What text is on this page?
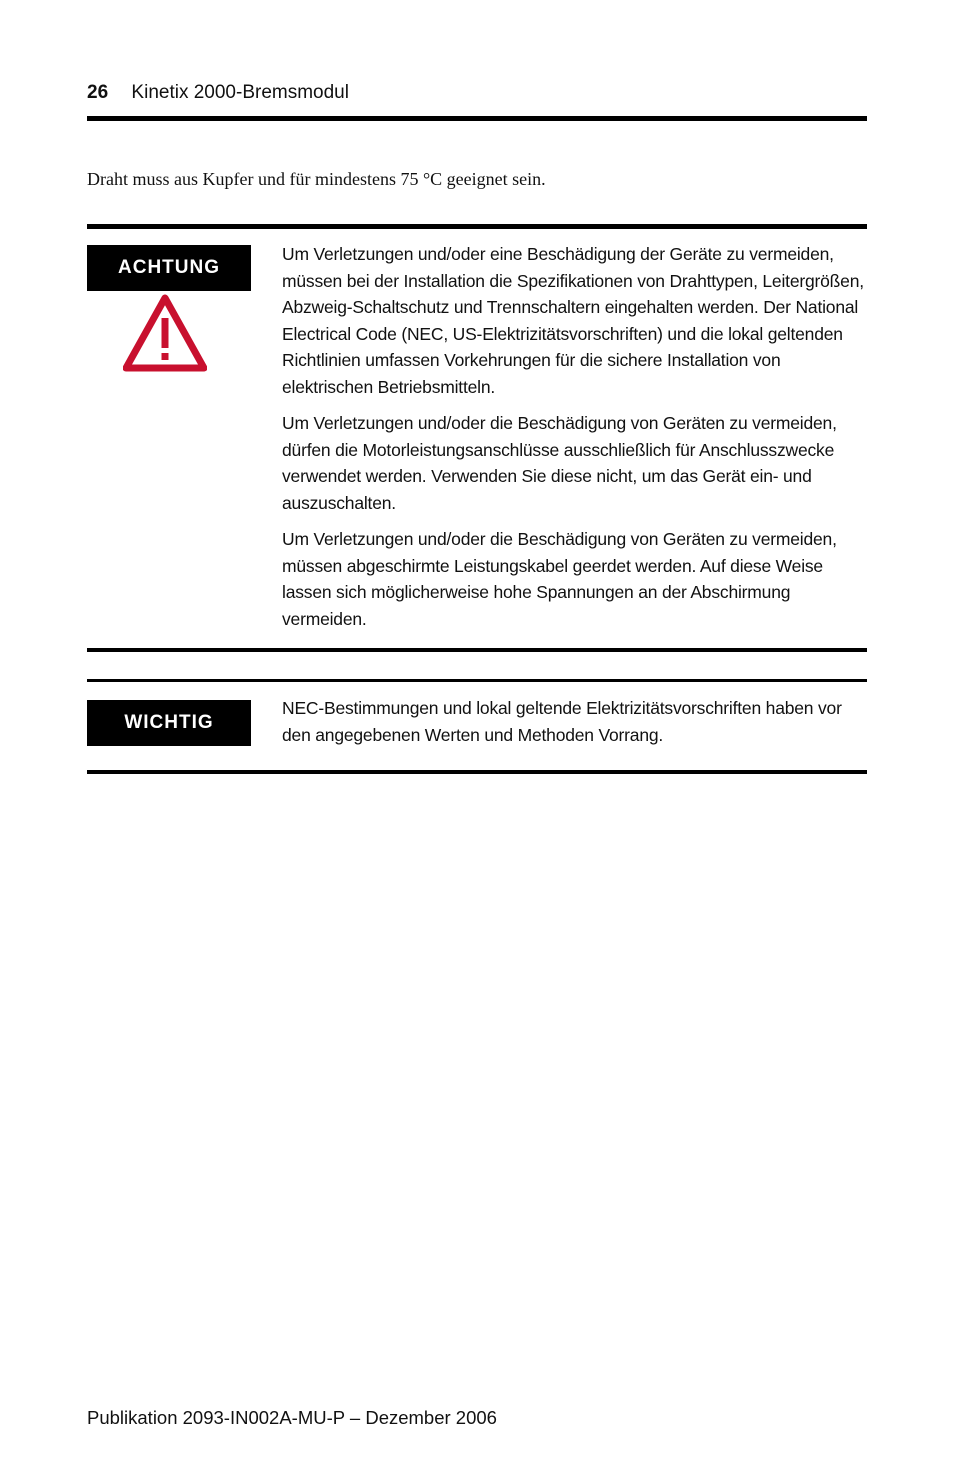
26 Kinetix 2000-Bremsmodul
Draht muss aus Kupfer und für mindestens 75 °C geeignet sein.
ACHTUNG

Um Verletzungen und/oder eine Beschädigung der Geräte zu vermeiden, müssen bei der Installation die Spezifikationen von Drahttypen, Leitergrößen, Abzweig-Schaltschutz und Trennschaltern eingehalten werden. Der National Electrical Code (NEC, US-Elektrizitätsvorschriften) und die lokal geltenden Richtlinien umfassen Vorkehrungen für die sichere Installation von elektrischen Betriebsmitteln.

Um Verletzungen und/oder die Beschädigung von Geräten zu vermeiden, dürfen die Motorleistungsanschlüsse ausschließlich für Anschlusszwecke verwendet werden. Verwenden Sie diese nicht, um das Gerät ein- und auszuschalten.

Um Verletzungen und/oder die Beschädigung von Geräten zu vermeiden, müssen abgeschirmte Leistungskabel geerdet werden. Auf diese Weise lassen sich möglicherweise hohe Spannungen an der Abschirmung vermeiden.

WICHTIG

NEC-Bestimmungen und lokal geltende Elektrizitätsvorschriften haben vor den angegebenen Werten und Methoden Vorrang.

Publikation 2093-IN002A-MU-P – Dezember 2006
